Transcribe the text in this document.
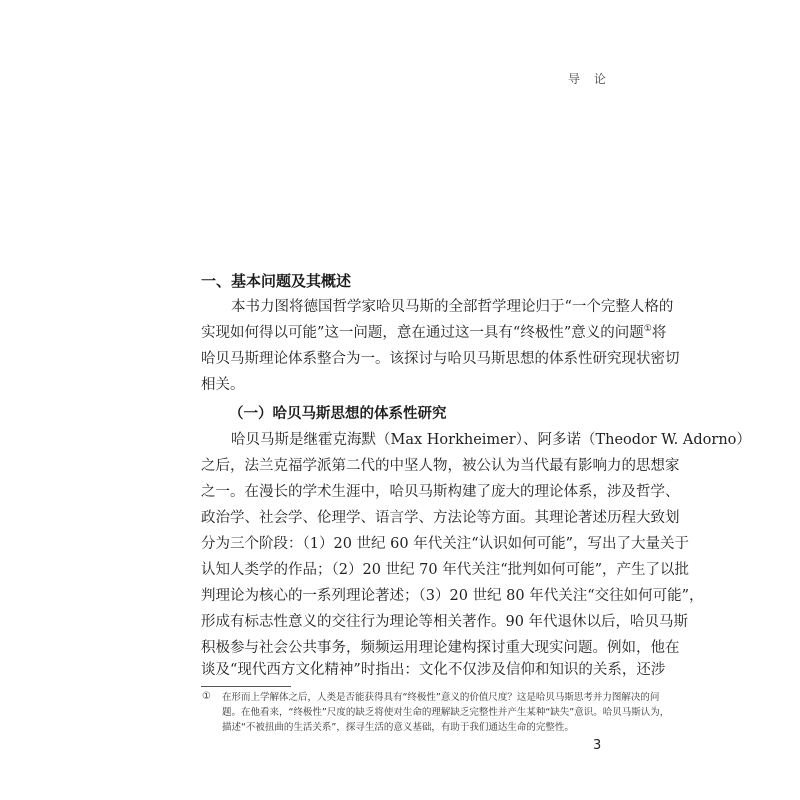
导 论
一、基本问题及其概述
本书力图将德国哲学家哈贝马斯的全部哲学理论归于“一个完整人格的
实现如何得以可能”这一问题，意在通过这一具有“终极性”意义的问题①将
哈贝马斯理论体系整合为一。该探讨与哈贝马斯思想的体系性研究现状密切
相关。
（一）哈贝马斯思想的体系性研究
哈贝马斯是继霍克海默（Max Horkheimer）、阿多诺（Theodor W. Adorno）
之后，法兰克福学派第二代的中坚人物，被公认为当代最有影响力的思想家
之一。在漫长的学术生涯中，哈贝马斯构建了庞大的理论体系，涉及哲学、
政治学、社会学、伦理学、语言学、方法论等方面。其理论著述历程大致划
分为三个阶段：（1）20 世纪 60 年代关注“认识如何可能”，写出了大量关于
认知人类学的作品；（2）20 世纪 70 年代关注“批判如何可能”，产生了以批
判理论为核心的一系列理论著述；（3）20 世纪 80 年代关注“交往如何可能”，
形成有标志性意义的交往行为理论等相关著作。90 年代退休以后，哈贝马斯
积极参与社会公共事务，频频运用理论建构探讨重大现实问题。例如，他在
谈及“现代西方文化精神”时指出：文化不仅涉及信仰和知识的关系，还涉
① 在形而上学解体之后，人类是否能获得具有“终极性”意义的价值尺度？这是哈贝马斯思考并力图解决的问
题。在他看来，“终极性”尺度的缺乏将使对生命的理解缺乏完整性并产生某种“缺失”意识。哈贝马斯认为，
描述“不被扭曲的生活关系”，探寻生活的意义基础，有助于我们通达生命的完整性。
3
